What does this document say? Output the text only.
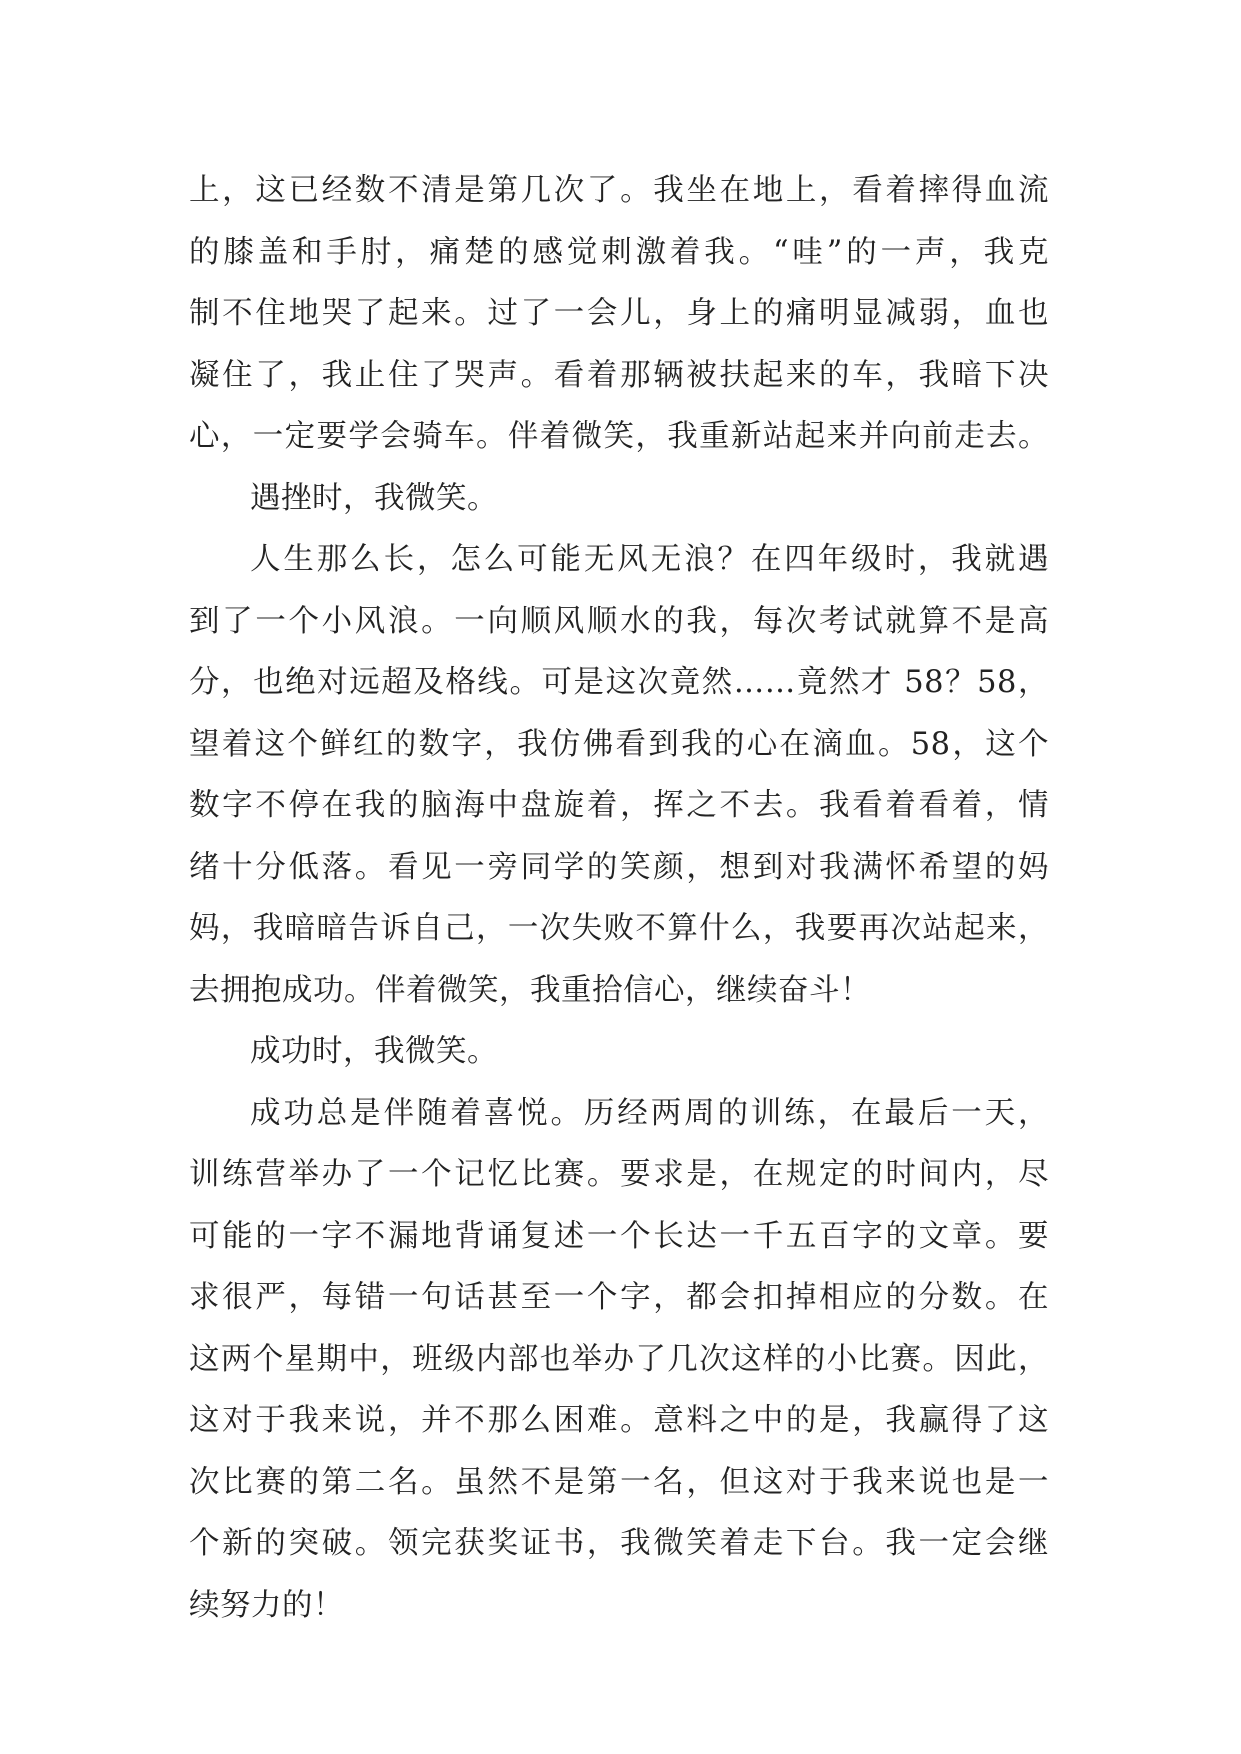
上，这已经数不清是第几次了。我坐在地上，看着摔得血流
的膝盖和手肘，痛楚的感觉刺激着我。“哇”的一声，我克
制不住地哭了起来。过了一会儿，身上的痛明显减弱，血也
凝住了，我止住了哭声。看着那辆被扶起来的车，我暗下决
心，一定要学会骑车。伴着微笑，我重新站起来并向前走去。
遇挫时，我微笑。
人生那么长，怎么可能无风无浪？在四年级时，我就遇
到了一个小风浪。一向顺风顺水的我，每次考试就算不是高
分，也绝对远超及格线。可是这次竟然……竟然才 58？58，
望着这个鲜红的数字，我仿佛看到我的心在滴血。58，这个
数字不停在我的脑海中盘旋着，挥之不去。我看着看着，情
绪十分低落。看见一旁同学的笑颜，想到对我满怀希望的妈
妈，我暗暗告诉自己，一次失败不算什么，我要再次站起来，
去拥抱成功。伴着微笑，我重拾信心，继续奋斗！
成功时，我微笑。
成功总是伴随着喜悦。历经两周的训练，在最后一天，
训练营举办了一个记忆比赛。要求是，在规定的时间内，尽
可能的一字不漏地背诵复述一个长达一千五百字的文章。要
求很严，每错一句话甚至一个字，都会扣掉相应的分数。在
这两个星期中，班级内部也举办了几次这样的小比赛。因此，
这对于我来说，并不那么困难。意料之中的是，我赢得了这
次比赛的第二名。虽然不是第一名，但这对于我来说也是一
个新的突破。领完获奖证书，我微笑着走下台。我一定会继
续努力的！
